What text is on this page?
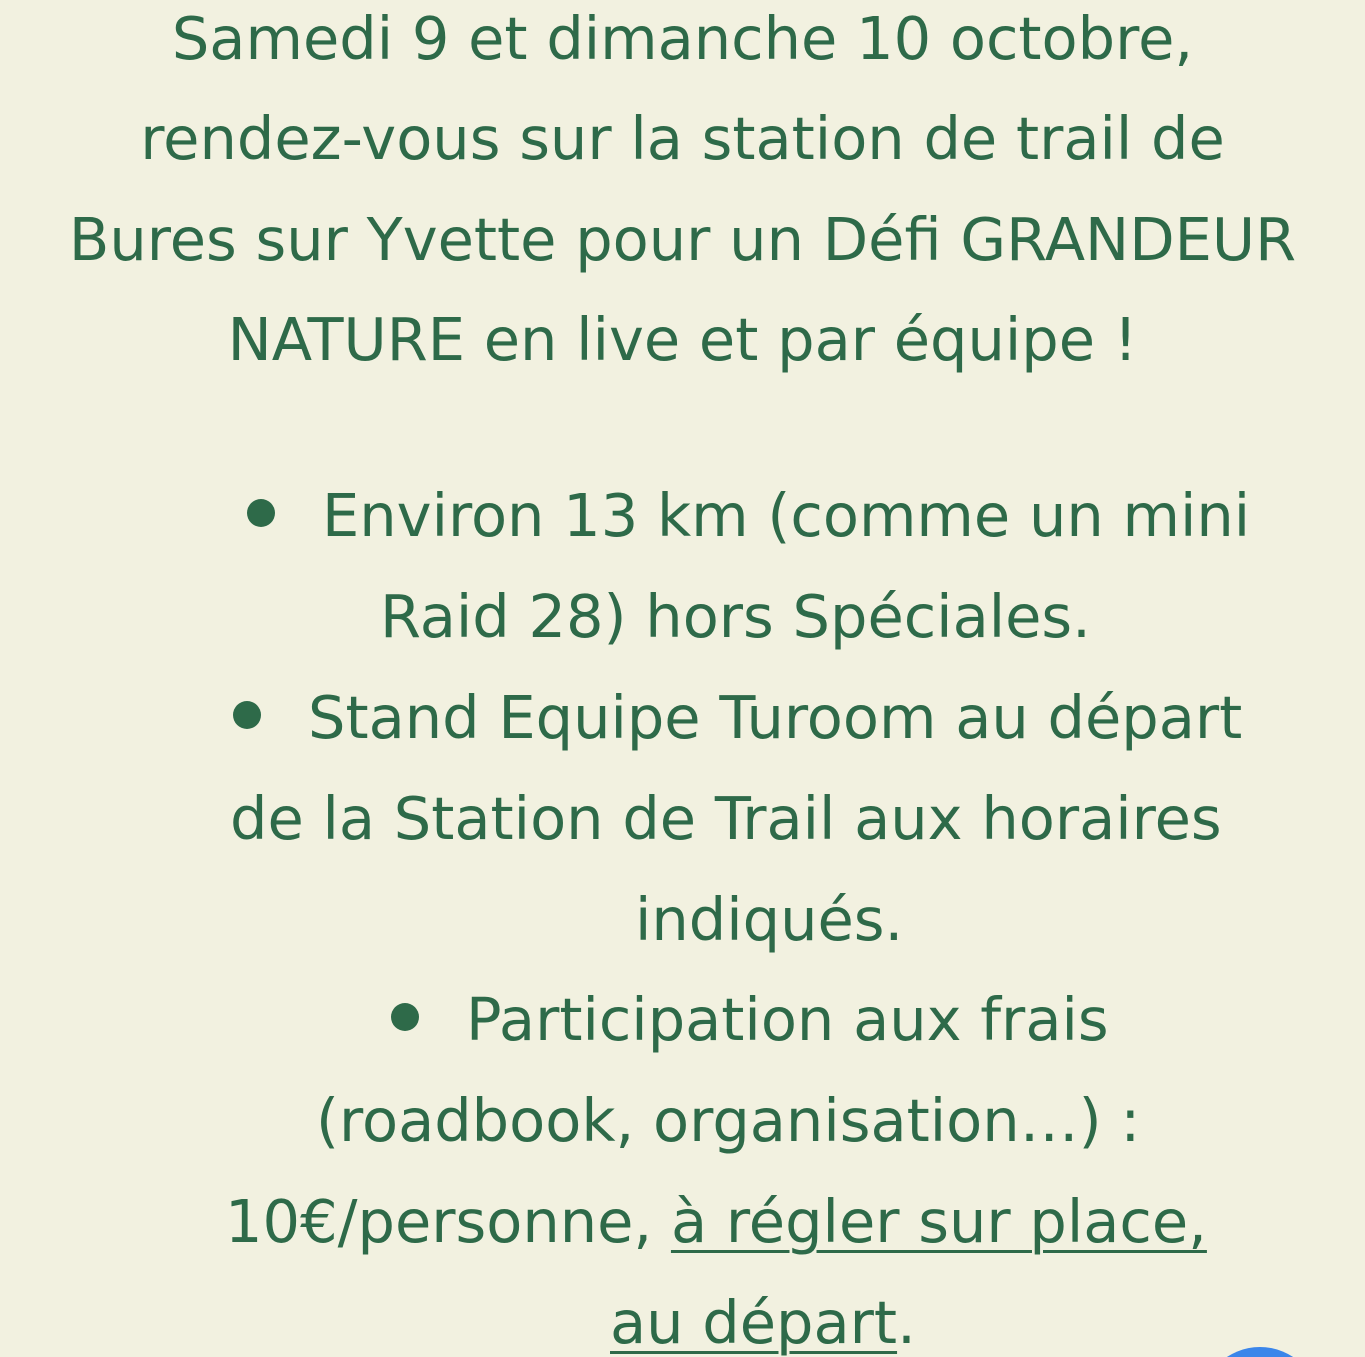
Samedi 9 et dimanche 10 octobre,
rendez-vous sur la station de trail de
Bures sur Yvette pour un Défi GRANDEUR
NATURE en live et par équipe !
Environ 13 km (comme un mini
Raid 28) hors Spéciales.
Stand Equipe Turoom au départ
de la Station de Trail aux horaires
indiqués.
Participation aux frais
(roadbook, organisation…) :
10€/personne, à régler sur place,
au départ.
